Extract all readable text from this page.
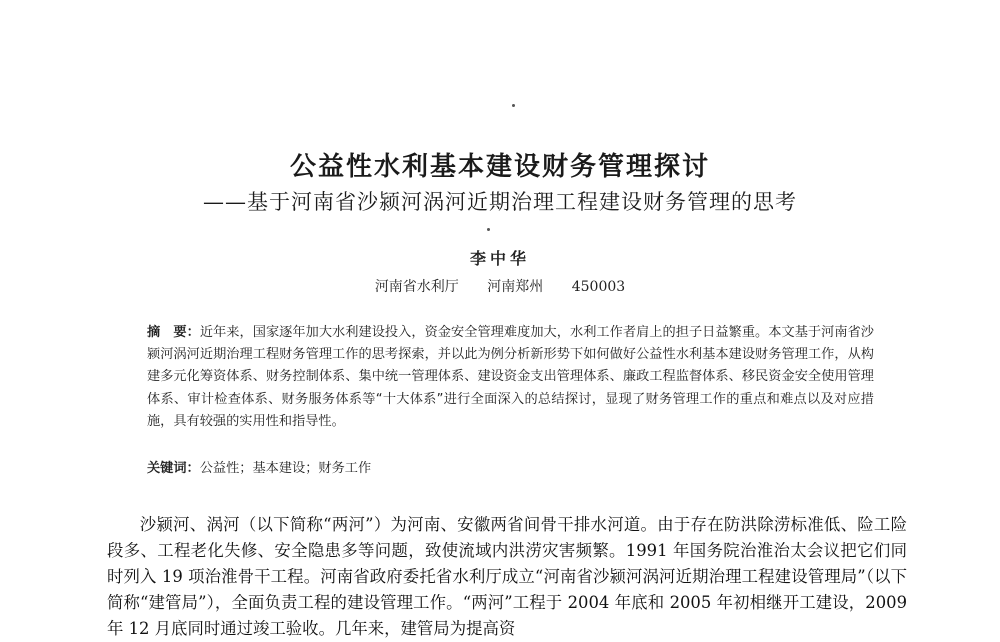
公益性水利基本建设财务管理探讨
——基于河南省沙颍河涡河近期治理工程建设财务管理的思考
李中华
河南省水利厅 河南郑州 450003
摘　要：近年来，国家逐年加大水利建设投入，资金安全管理难度加大，水利工作者肩上的担子日益繁重。本文基于河南省沙颍河涡河近期治理工程财务管理工作的思考探索，并以此为例分析新形势下如何做好公益性水利基本建设财务管理工作，从构建多元化筹资体系、财务控制体系、集中统一管理体系、建设资金支出管理体系、廉政工程监督体系、移民资金安全使用管理体系、审计检查体系、财务服务体系等“十大体系”进行全面深入的总结探讨，显现了财务管理工作的重点和难点以及对应措施，具有较强的实用性和指导性。
关键词：公益性；基本建设；财务工作
沙颍河、涡河（以下简称“两河”）为河南、安徽两省间骨干排水河道。由于存在防洪除涝标准低、险工险段多、工程老化失修、安全隐患多等问题，致使流域内洪涝灾害频繁。1991 年国务院治淮治太会议把它们同时列入 19 项治淮骨干工程。河南省政府委托省水利厅成立“河南省沙颍河涡河近期治理工程建设管理局”（以下简称“建管局”），全面负责工程的建设管理工作。“两河”工程于 2004 年底和 2005 年初相继开工建设，2009 年 12 月底同时通过竣工验收。几年来，建管局为提高资
